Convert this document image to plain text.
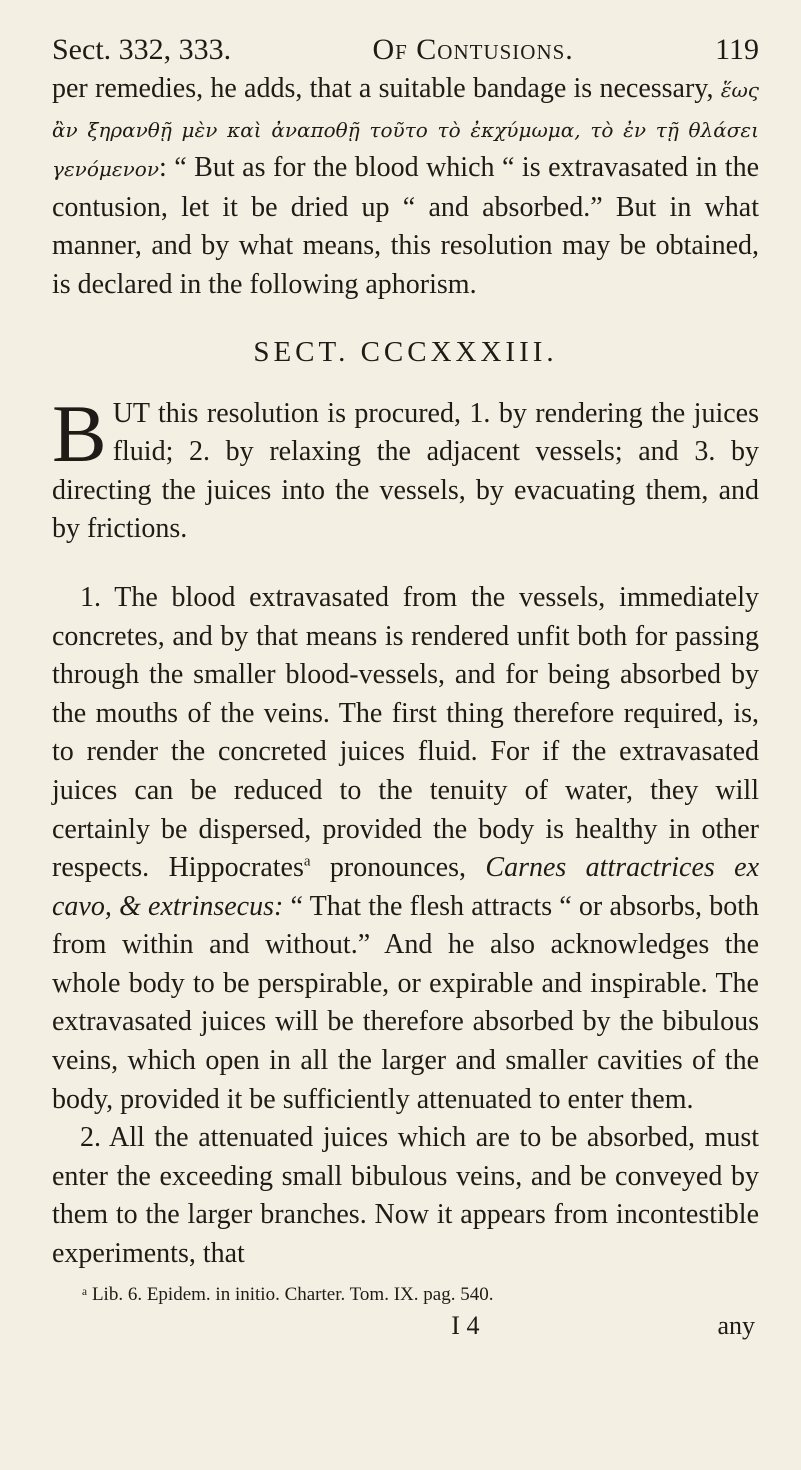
Sect. 332, 333.	Of Contusions.	119

per remedies, he adds, that a suitable bandage is necessary, ἕως ἂν ξηρανθῇ μὲν καὶ ἀναποθῇ τοῦτο τὸ ἐκχύμωμα, τὸ ἐν τῇ θλάσει γενόμενον: “ But as for the blood which “ is extravasated in the contusion, let it be dried up “ and absorbed.” But in what manner, and by what means, this resolution may be obtained, is declared in the following aphorism.

SECT. CCCXXXIII.

BUT this resolution is procured, 1. by rendering the juices fluid; 2. by relaxing the adjacent vessels; and 3. by directing the juices into the vessels, by evacuating them, and by frictions.

1. The blood extravasated from the vessels, immediately concretes, and by that means is rendered unfit both for passing through the smaller blood-vessels, and for being absorbed by the mouths of the veins. The first thing therefore required, is, to render the concreted juices fluid. For if the extravasated juices can be reduced to the tenuity of water, they will certainly be dispersed, provided the body is healthy in other respects. Hippocrates$^a$ pronounces, Carnes attractrices ex cavo, & extrinsecus: “ That the flesh attracts “ or absorbs, both from within and without.” And he also acknowledges the whole body to be perspirable, or expirable and inspirable. The extravasated juices will be therefore absorbed by the bibulous veins, which open in all the larger and smaller cavities of the body, provided it be sufficiently attenuated to enter them.

2. All the attenuated juices which are to be absorbed, must enter the exceeding small bibulous veins, and be conveyed by them to the larger branches. Now it appears from incontestible experiments, that

ᵃ Lib. 6. Epidem. in initio. Charter. Tom. IX. pag. 540.
I 4	any
